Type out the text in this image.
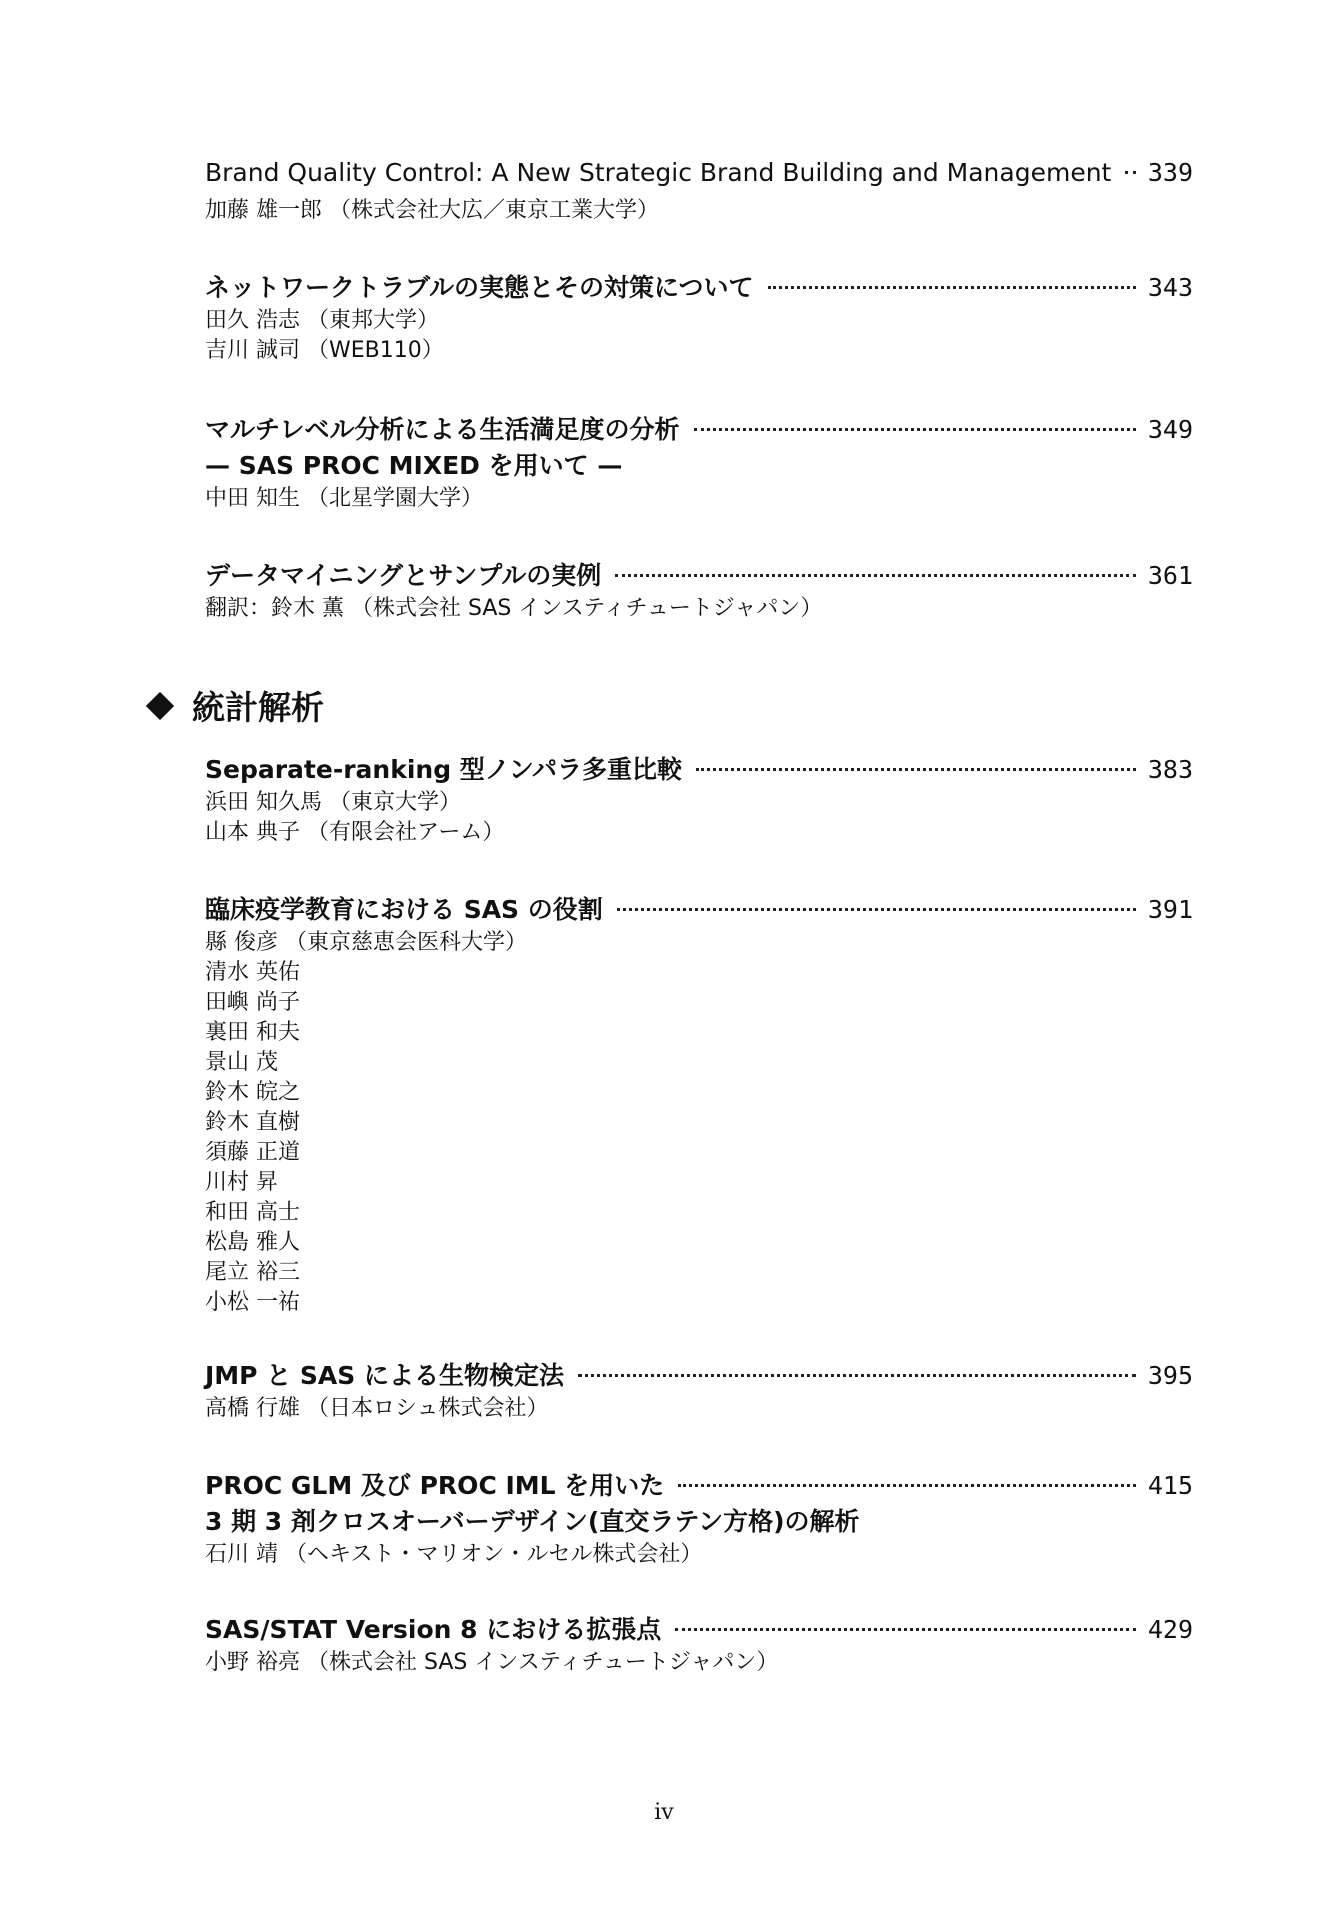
Brand Quality Control: A New Strategic Brand Building and Management 339
加藤 雄一郎 （株式会社大広／東京工業大学）
ネットワークトラブルの実態とその対策について	343
田久 浩志 （東邦大学）
吉川 誠司 （WEB110）
マルチレベル分析による生活満足度の分析	349
— SAS PROC MIXED を用いて —
中田 知生 （北星学園大学）
データマイニングとサンプルの実例	361
翻訳：鈴木 薫 （株式会社 SAS インスティチュートジャパン）
統計解析
Separate-ranking 型ノンパラ多重比較	383
浜田 知久馬 （東京大学）
山本 典子 （有限会社アーム）
臨床疫学教育における SAS の役割	391
縣 俊彦 （東京慈恵会医科大学）
清水 英佑
田嶼 尚子
裏田 和夫
景山 茂
鈴木 皖之
鈴木 直樹
須藤 正道
川村 昇
和田 高士
松島 雅人
尾立 裕三
小松 一祐
JMP と SAS による生物検定法	395
高橋 行雄 （日本ロシュ株式会社）
PROC GLM 及び PROC IML を用いた	415
3 期 3 剤クロスオーバーデザイン(直交ラテン方格)の解析
石川 靖 （ヘキスト・マリオン・ルセル株式会社）
SAS/STAT Version 8 における拡張点	429
小野 裕亮 （株式会社 SAS インスティチュートジャパン）
iv
